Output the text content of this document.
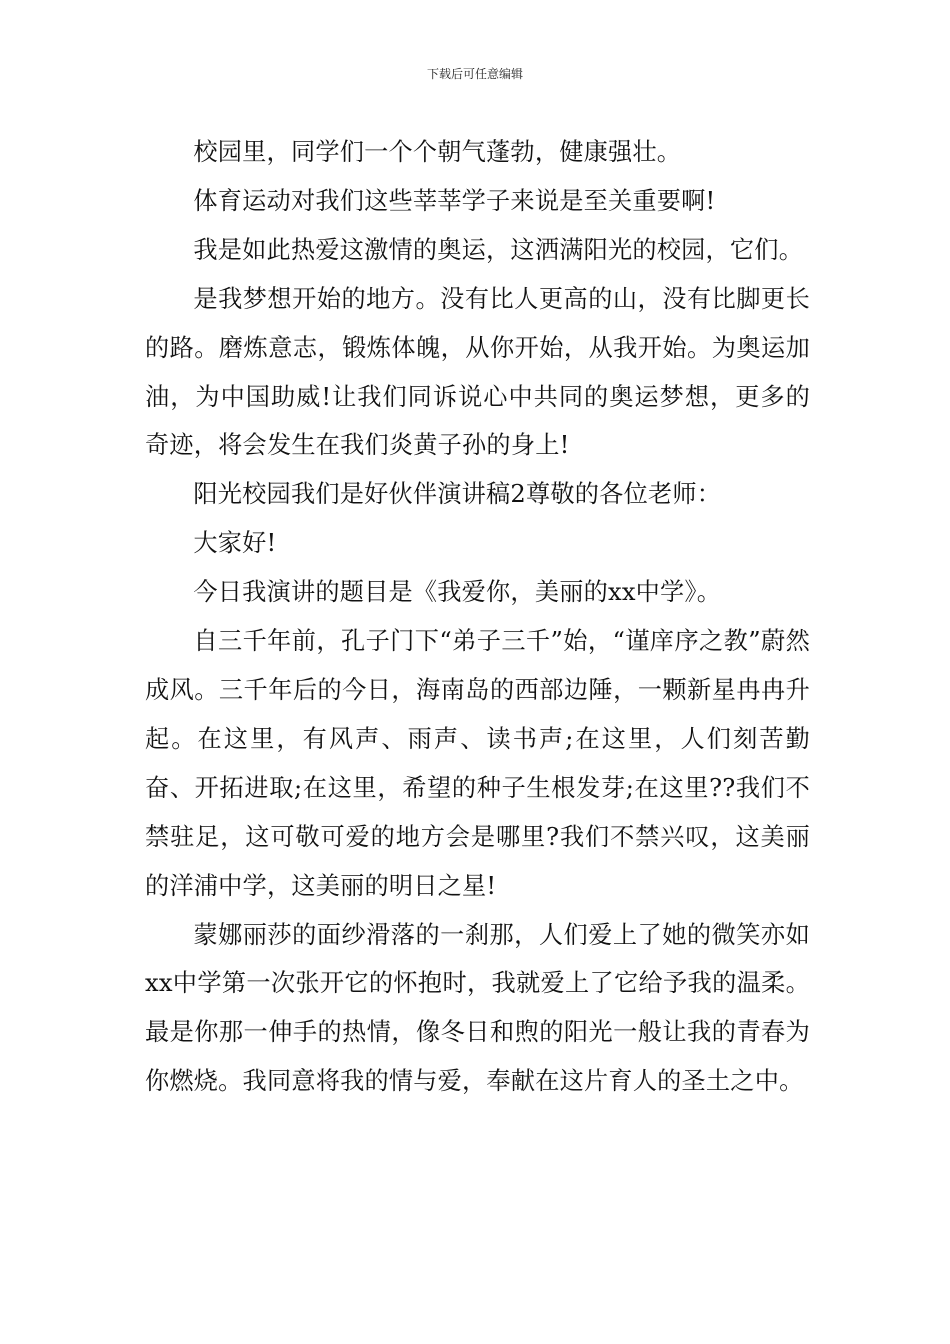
下载后可任意编辑

校园里，同学们一个个朝气蓬勃，健康强壮。

体育运动对我们这些莘莘学子来说是至关重要啊!

我是如此热爱这激情的奥运，这洒满阳光的校园，它们。

是我梦想开始的地方。没有比人更高的山，没有比脚更长的路。磨炼意志，锻炼体魄，从你开始，从我开始。为奥运加油，为中国助威!让我们同诉说心中共同的奥运梦想，更多的奇迹，将会发生在我们炎黄子孙的身上!

阳光校园我们是好伙伴演讲稿2尊敬的各位老师：

大家好!

今日我演讲的题目是《我爱你，美丽的xx中学》。

自三千年前，孔子门下“弟子三千”始，“谨庠序之教”蔚然成风。三千年后的今日，海南岛的西部边陲，一颗新星冉冉升起。在这里，有风声、雨声、读书声;在这里，人们刻苦勤奋、开拓进取;在这里，希望的种子生根发芽;在这里??我们不禁驻足，这可敬可爱的地方会是哪里?我们不禁兴叹，这美丽的洋浦中学，这美丽的明日之星!

蒙娜丽莎的面纱滑落的一刹那，人们爱上了她的微笑亦如xx中学第一次张开它的怀抱时，我就爱上了它给予我的温柔。最是你那一伸手的热情，像冬日和煦的阳光一般让我的青春为你燃烧。我同意将我的情与爱，奉献在这片育人的圣土之中。
